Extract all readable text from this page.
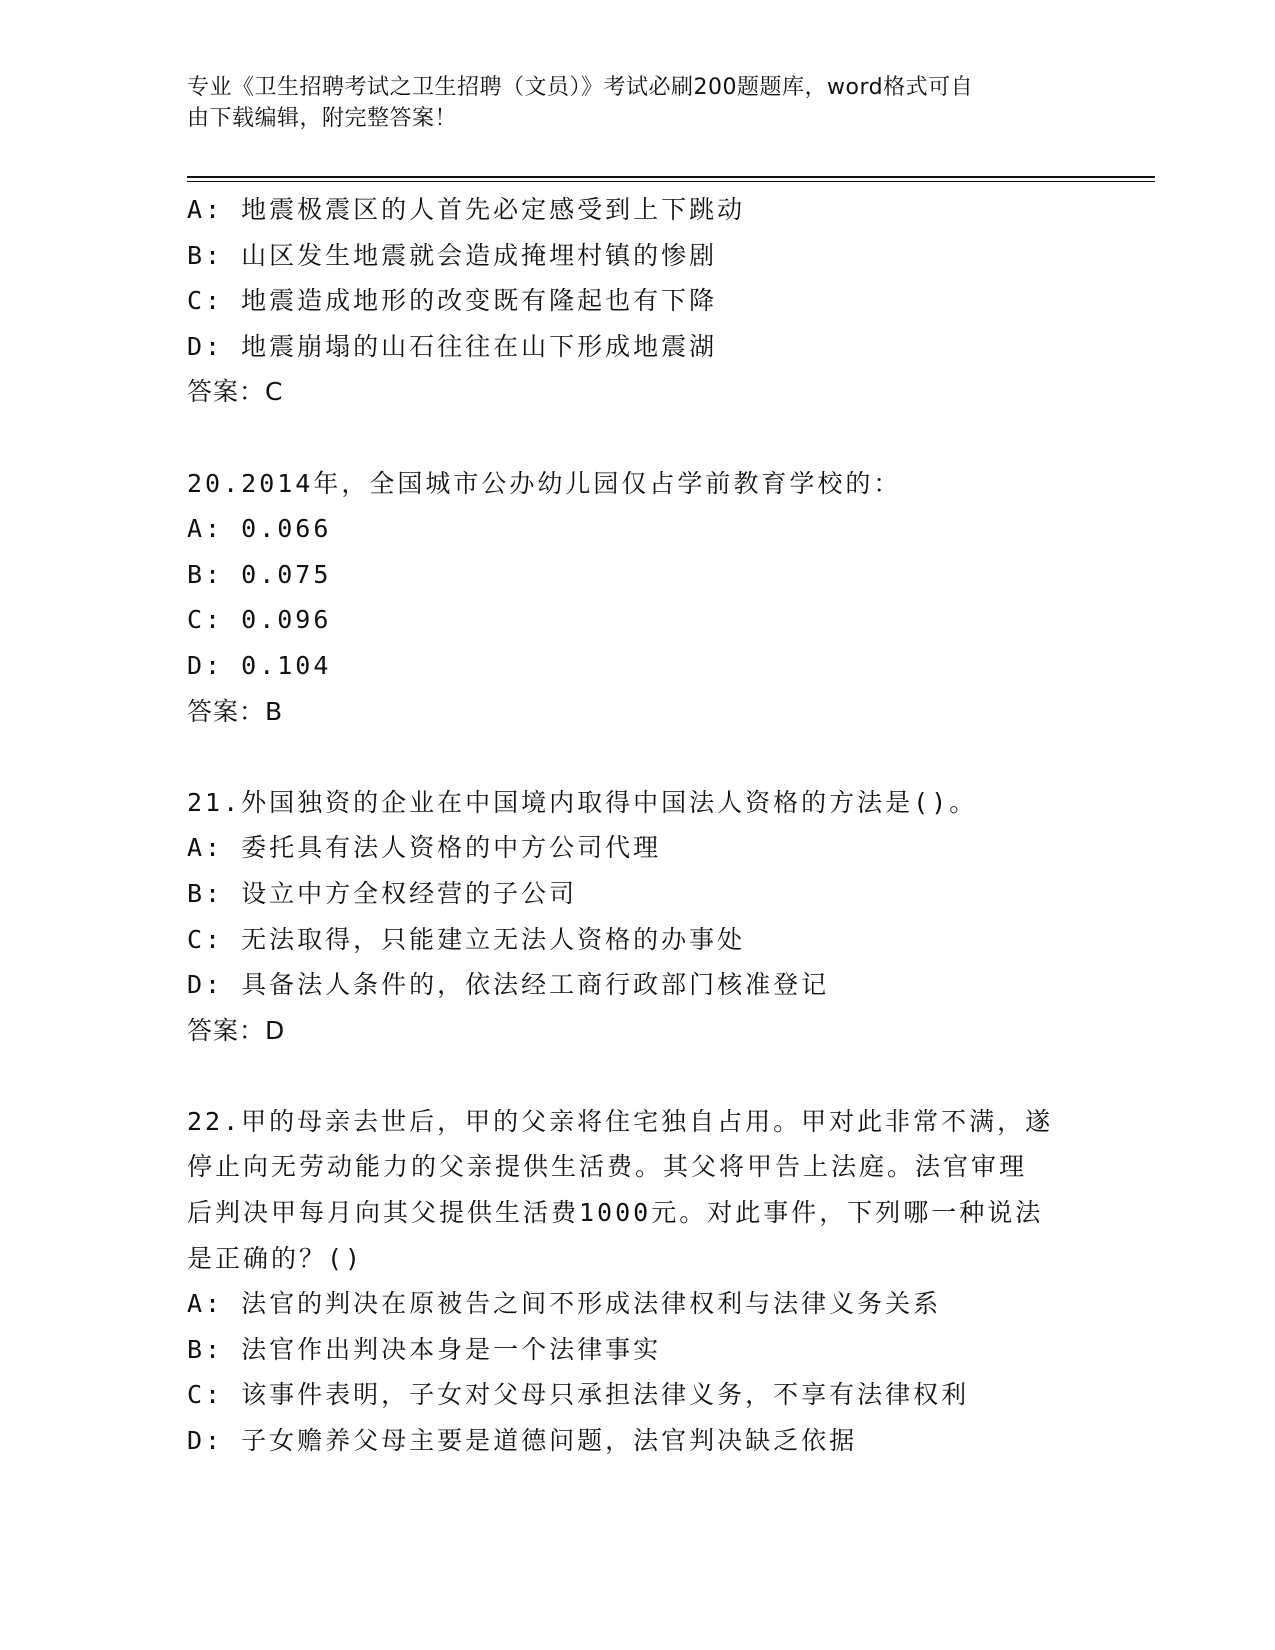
专业《卫生招聘考试之卫生招聘（文员）》考试必刷200题题库，word格式可自
由下载编辑，附完整答案！

A: 地震极震区的人首先必定感受到上下跳动

B: 山区发生地震就会造成掩埋村镇的惨剧

C: 地震造成地形的改变既有隆起也有下降

D: 地震崩塌的山石往往在山下形成地震湖

答案：C

20.2014年，全国城市公办幼儿园仅占学前教育学校的：

A: 0.066

B: 0.075

C: 0.096

D: 0.104

答案：B

21.外国独资的企业在中国境内取得中国法人资格的方法是()。

A: 委托具有法人资格的中方公司代理

B: 设立中方全权经营的子公司

C: 无法取得，只能建立无法人资格的办事处

D: 具备法人条件的，依法经工商行政部门核准登记

答案：D

22.甲的母亲去世后，甲的父亲将住宅独自占用。甲对此非常不满，遂

停止向无劳动能力的父亲提供生活费。其父将甲告上法庭。法官审理

后判决甲每月向其父提供生活费1000元。对此事件，下列哪一种说法

是正确的？()

A: 法官的判决在原被告之间不形成法律权利与法律义务关系

B: 法官作出判决本身是一个法律事实

C: 该事件表明，子女对父母只承担法律义务，不享有法律权利

D: 子女赡养父母主要是道德问题，法官判决缺乏依据
